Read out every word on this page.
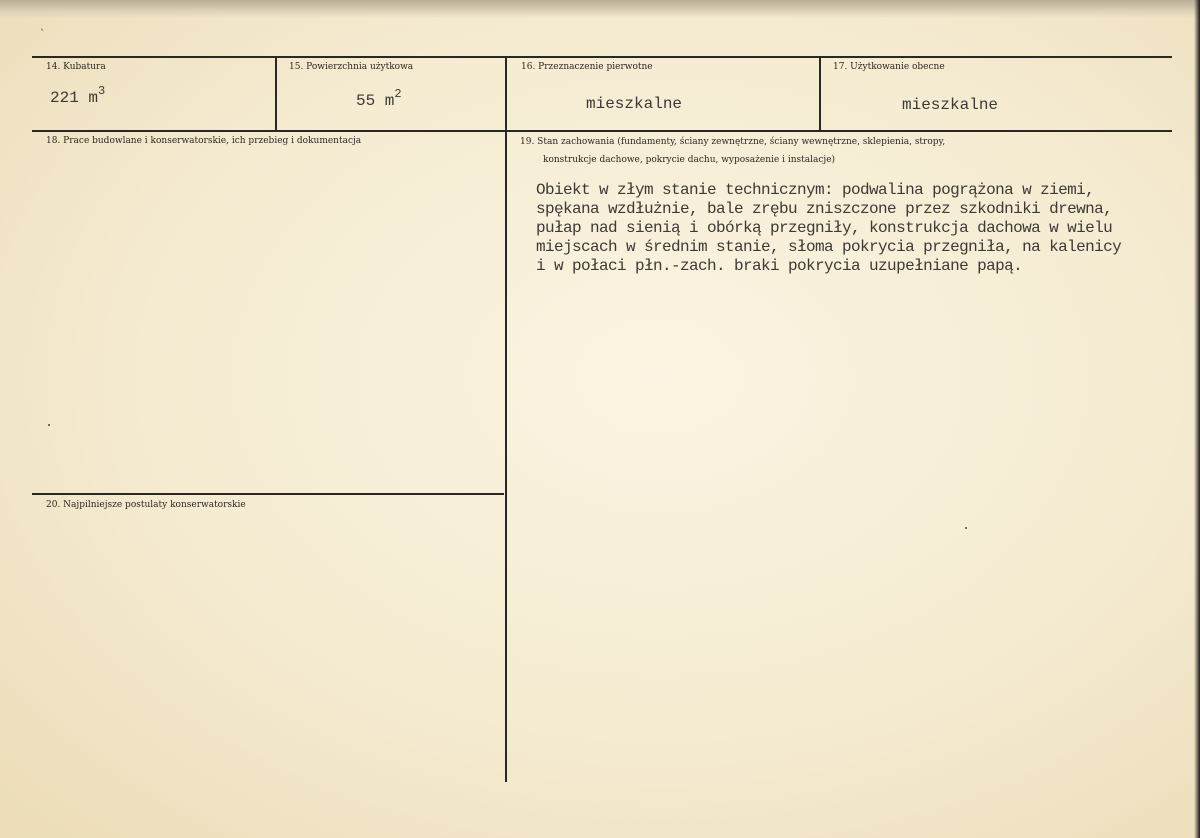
14. Kubatura
221 $m^3$
15. Powierzchnia użytkowa
55 $m^2$
16. Przeznaczenie pierwotne
mieszkalne
17. Użytkowanie obecne
mieszkalne
18. Prace budowlane i konserwatorskie, ich przebieg i dokumentacja	19. Stan zachowania (fundamenty, ściany zewnętrzne, ściany wewnętrzne, sklepienia, stropy,
konstrukcje dachowe, pokrycie dachu, wyposażenie i instalacje)
Obiekt w złym stanie technicznym: podwalina pogrążona w ziemi,
spękana wzdłużnie, bale zrębu zniszczone przez szkodniki drewna,
pułap nad sienią i obórką przegniły, konstrukcja dachowa w wielu
miejscach w średnim stanie, słoma pokrycia przegniła, na kalenicy
i w połaci płn.-zach. braki pokrycia uzupełniane papą.
20. Najpilniejsze postulaty konserwatorskie
ˎ
